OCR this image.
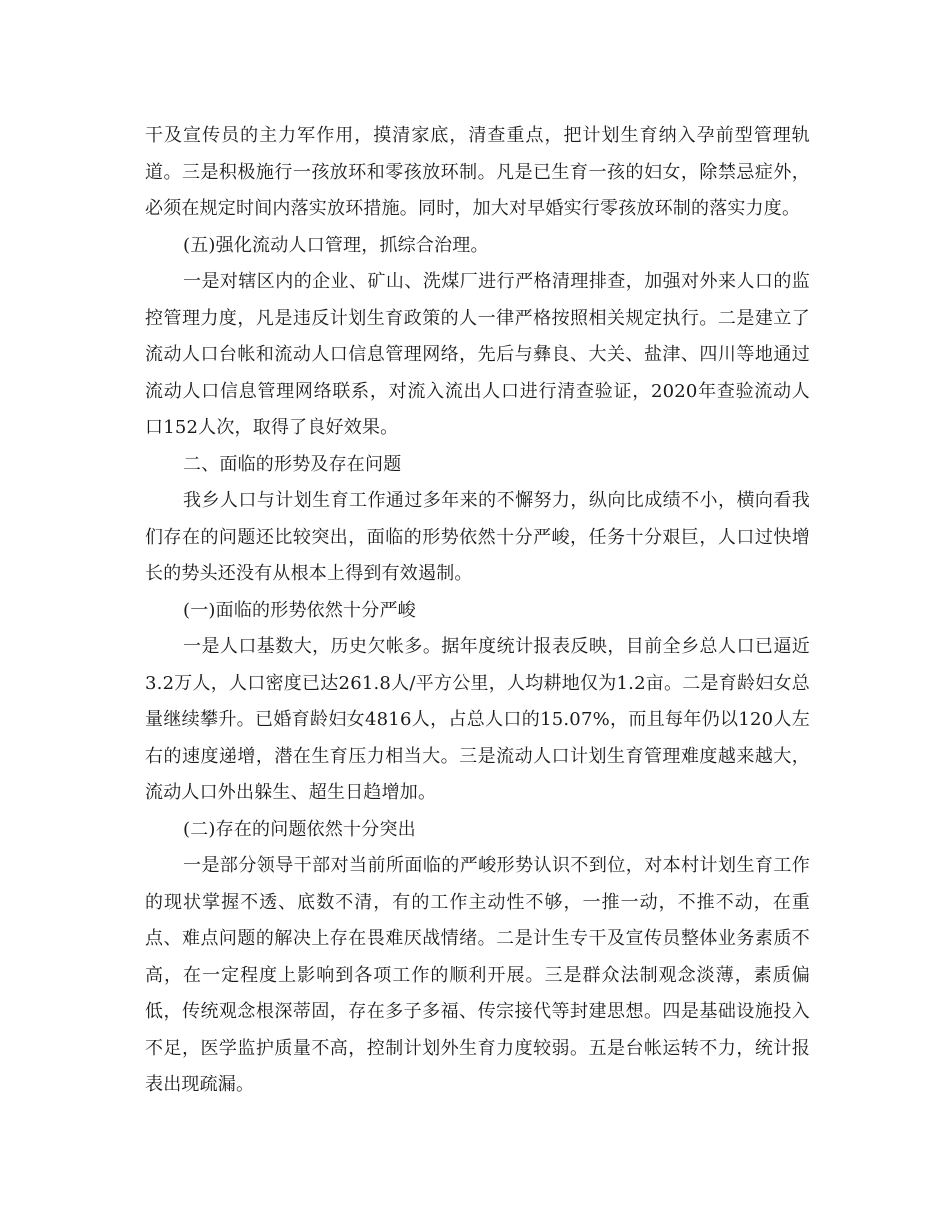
干及宣传员的主力军作用，摸清家底，清查重点，把计划生育纳入孕前型管理轨道。三是积极施行一孩放环和零孩放环制。凡是已生育一孩的妇女，除禁忌症外，必须在规定时间内落实放环措施。同时，加大对早婚实行零孩放环制的落实力度。

(五)强化流动人口管理，抓综合治理。

一是对辖区内的企业、矿山、洗煤厂进行严格清理排查，加强对外来人口的监控管理力度，凡是违反计划生育政策的人一律严格按照相关规定执行。二是建立了流动人口台帐和流动人口信息管理网络，先后与彝良、大关、盐津、四川等地通过流动人口信息管理网络联系，对流入流出人口进行清查验证，2020年查验流动人口152人次，取得了良好效果。

二、面临的形势及存在问题

我乡人口与计划生育工作通过多年来的不懈努力，纵向比成绩不小，横向看我们存在的问题还比较突出，面临的形势依然十分严峻，任务十分艰巨，人口过快增长的势头还没有从根本上得到有效遏制。

(一)面临的形势依然十分严峻

一是人口基数大，历史欠帐多。据年度统计报表反映，目前全乡总人口已逼近3.2万人，人口密度已达261.8人/平方公里，人均耕地仅为1.2亩。二是育龄妇女总量继续攀升。已婚育龄妇女4816人，占总人口的15.07%，而且每年仍以120人左右的速度递增，潜在生育压力相当大。三是流动人口计划生育管理难度越来越大，流动人口外出躲生、超生日趋增加。

(二)存在的问题依然十分突出

一是部分领导干部对当前所面临的严峻形势认识不到位，对本村计划生育工作的现状掌握不透、底数不清，有的工作主动性不够，一推一动，不推不动，在重点、难点问题的解决上存在畏难厌战情绪。二是计生专干及宣传员整体业务素质不高，在一定程度上影响到各项工作的顺利开展。三是群众法制观念淡薄，素质偏低，传统观念根深蒂固，存在多子多福、传宗接代等封建思想。四是基础设施投入不足，医学监护质量不高，控制计划外生育力度较弱。五是台帐运转不力，统计报表出现疏漏。
